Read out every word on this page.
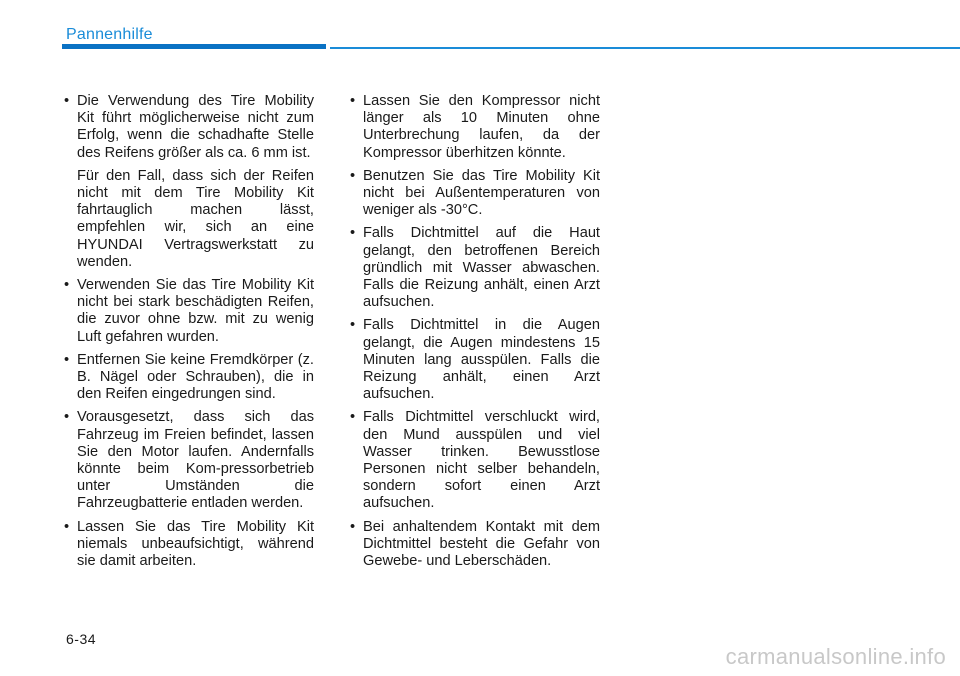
Pannenhilfe

• Die Verwendung des Tire Mobility Kit führt möglicherweise nicht zum Erfolg, wenn die schadhafte Stelle des Reifens größer als ca. 6 mm ist.

Für den Fall, dass sich der Reifen nicht mit dem Tire Mobility Kit fahrtauglich machen lässt, empfehlen wir, sich an eine HYUNDAI Vertragswerkstatt zu wenden.

• Verwenden Sie das Tire Mobility Kit nicht bei stark beschädigten Reifen, die zuvor ohne bzw. mit zu wenig Luft gefahren wurden.

• Entfernen Sie keine Fremdkörper (z. B. Nägel oder Schrauben), die in den Reifen eingedrungen sind.

• Vorausgesetzt, dass sich das Fahrzeug im Freien befindet, lassen Sie den Motor laufen. Andernfalls könnte beim Kom-pressorbetrieb unter Umständen die Fahrzeugbatterie entladen werden.

• Lassen Sie das Tire Mobility Kit niemals unbeaufsichtigt, während sie damit arbeiten.

• Lassen Sie den Kompressor nicht länger als 10 Minuten ohne Unterbrechung laufen, da der Kompressor überhitzen könnte.

• Benutzen Sie das Tire Mobility Kit nicht bei Außentemperaturen von weniger als -30°C.

• Falls Dichtmittel auf die Haut gelangt, den betroffenen Bereich gründlich mit Wasser abwaschen. Falls die Reizung anhält, einen Arzt aufsuchen.

• Falls Dichtmittel in die Augen gelangt, die Augen mindestens 15 Minuten lang ausspülen. Falls die Reizung anhält, einen Arzt aufsuchen.

• Falls Dichtmittel verschluckt wird, den Mund ausspülen und viel Wasser trinken. Bewusstlose Personen nicht selber behandeln, sondern sofort einen Arzt aufsuchen.

• Bei anhaltendem Kontakt mit dem Dichtmittel besteht die Gefahr von Gewebe- und Leberschäden.

6-34
carmanualsonline.info
